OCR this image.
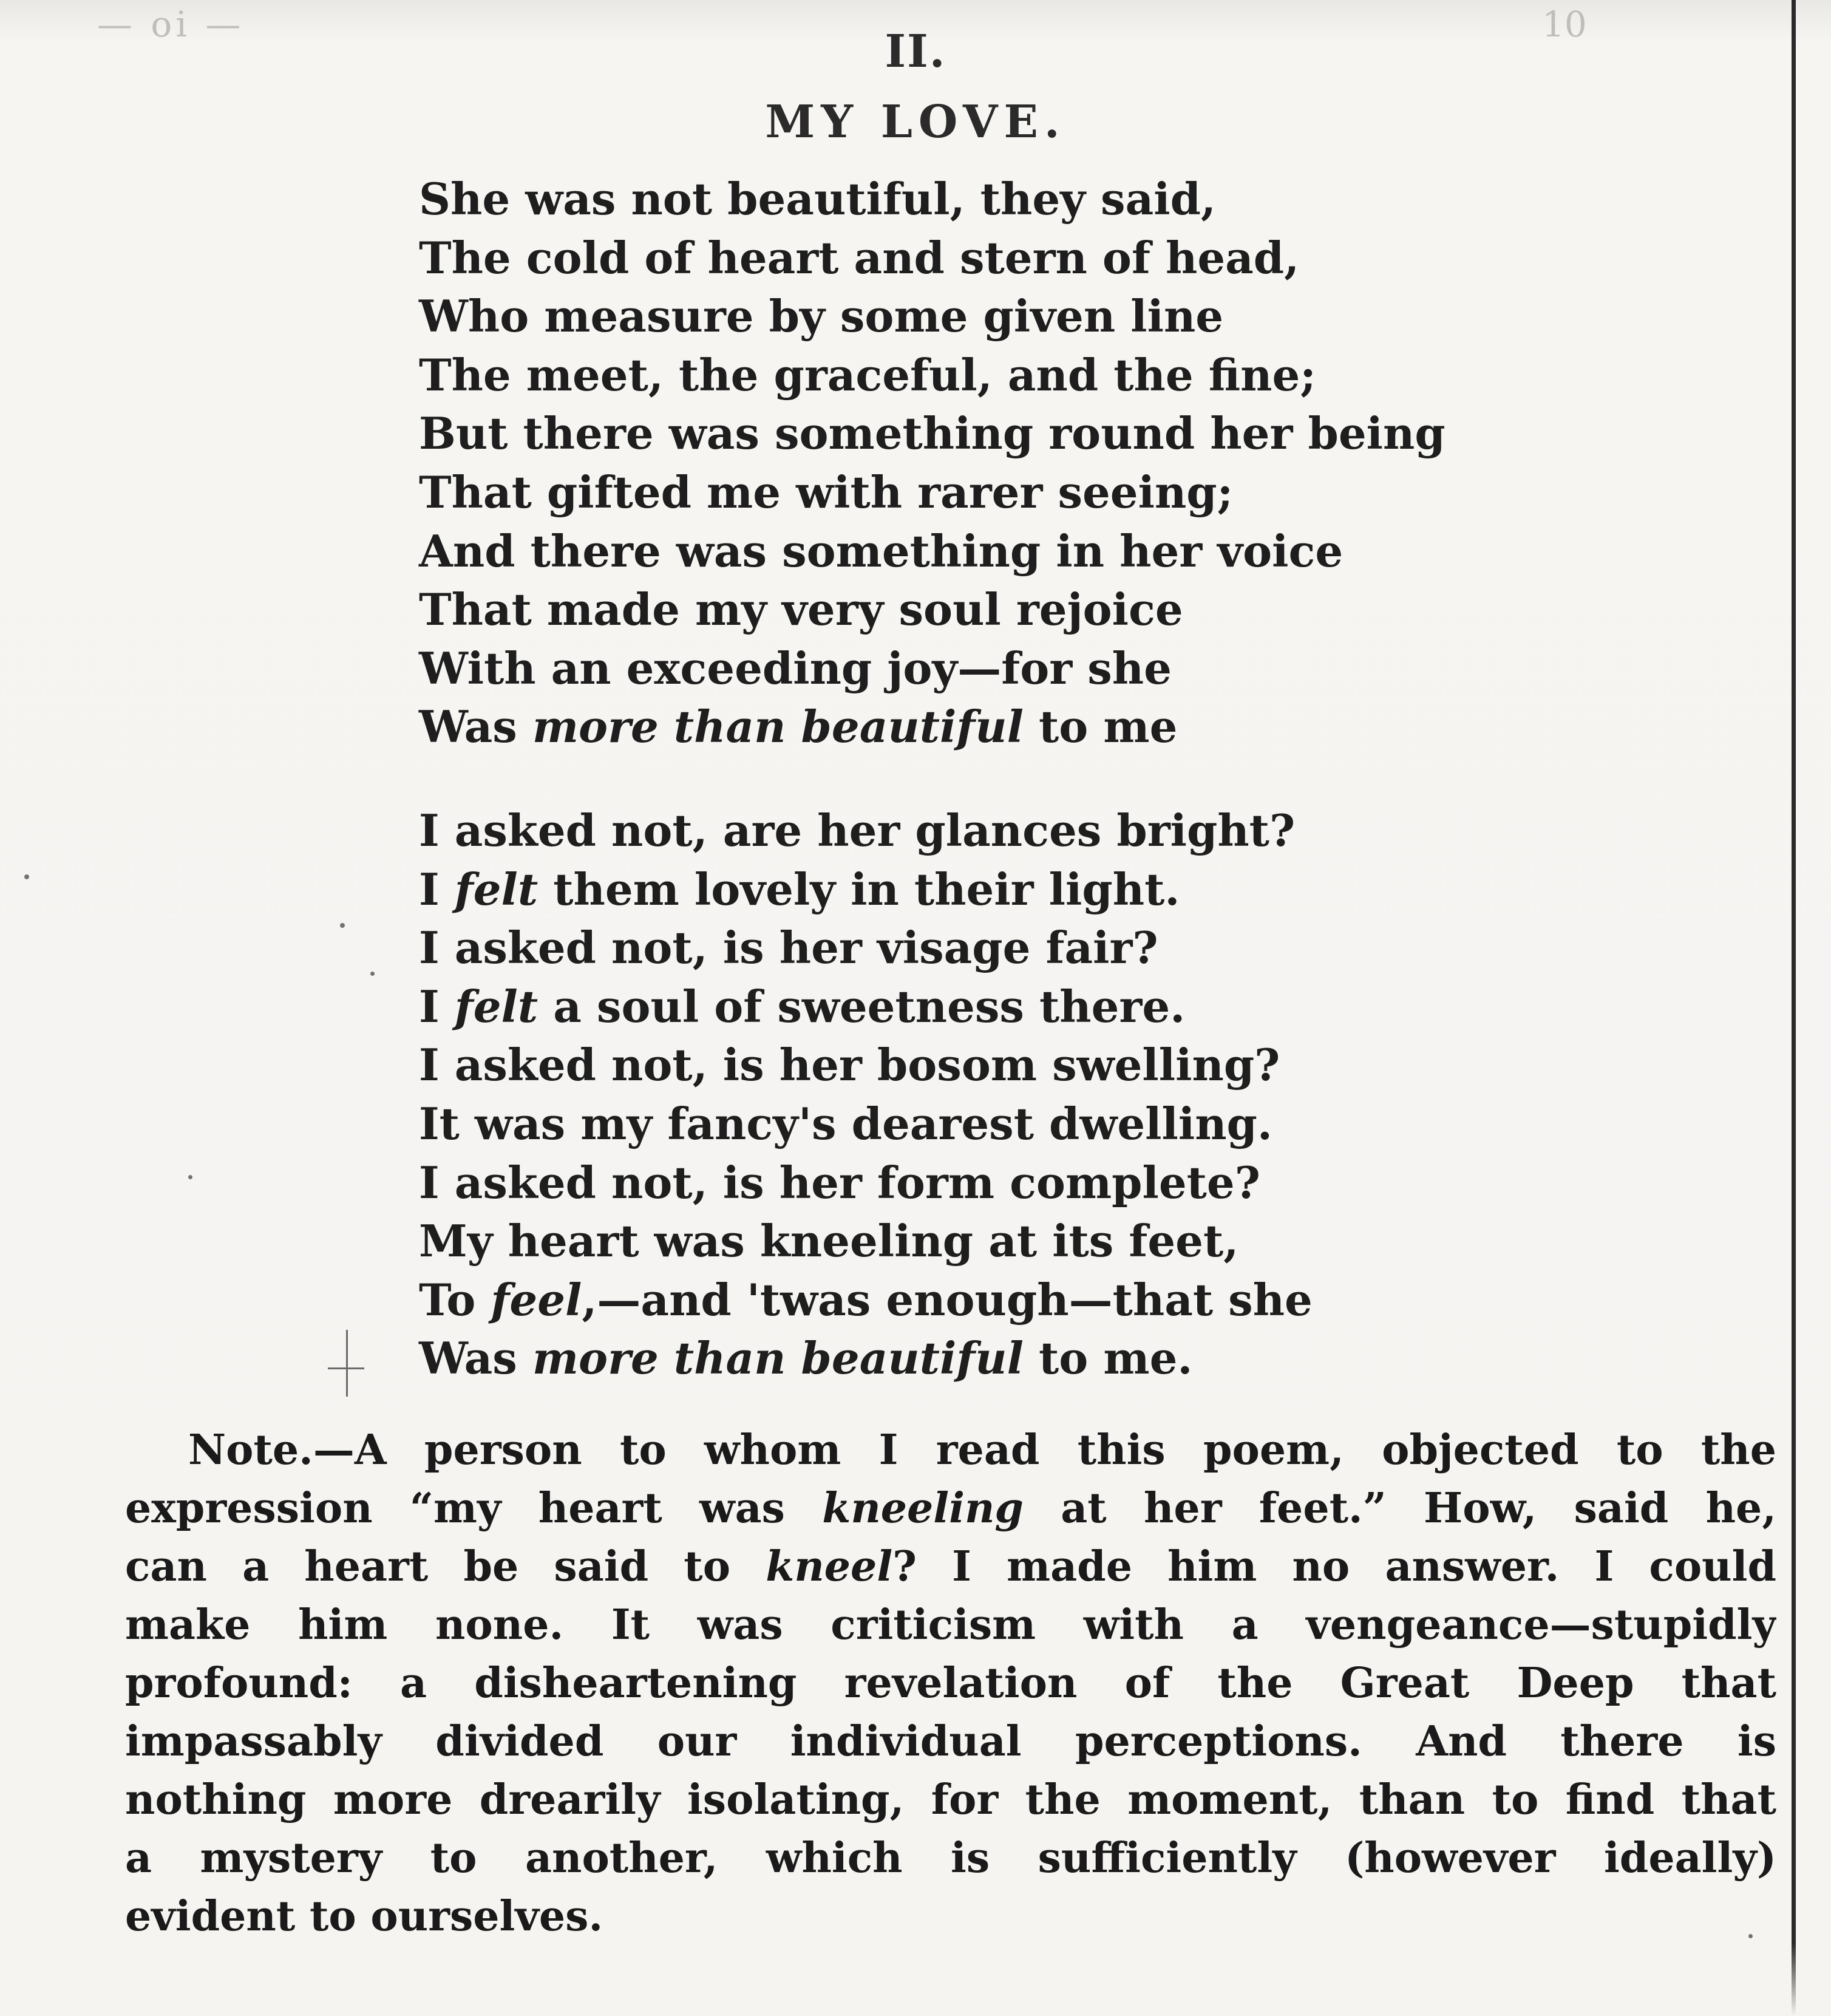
— oi —	10
II.
MY LOVE.
She was not beautiful, they said,
The cold of heart and stern of head,
Who measure by some given line
The meet, the graceful, and the fine;
But there was something round her being
That gifted me with rarer seeing;
And there was something in her voice
That made my very soul rejoice
With an exceeding joy—for she
Was more than beautiful to me
I asked not, are her glances bright?
I felt them lovely in their light.
I asked not, is her visage fair?
I felt a soul of sweetness there.
I asked not, is her bosom swelling?
It was my fancy's dearest dwelling.
I asked not, is her form complete?
My heart was kneeling at its feet,
To feel,—and 'twas enough—that she
Was more than beautiful to me.
Note.—A person to whom I read this poem, objected to the
expression “my heart was kneeling at her feet.” How, said he,
can a heart be said to kneel? I made him no answer. I could
make him none. It was criticism with a vengeance—stupidly
profound: a disheartening revelation of the Great Deep that
impassably divided our individual perceptions. And there is
nothing more drearily isolating, for the moment, than to find that
a mystery to another, which is sufficiently (however ideally)
evident to ourselves.
